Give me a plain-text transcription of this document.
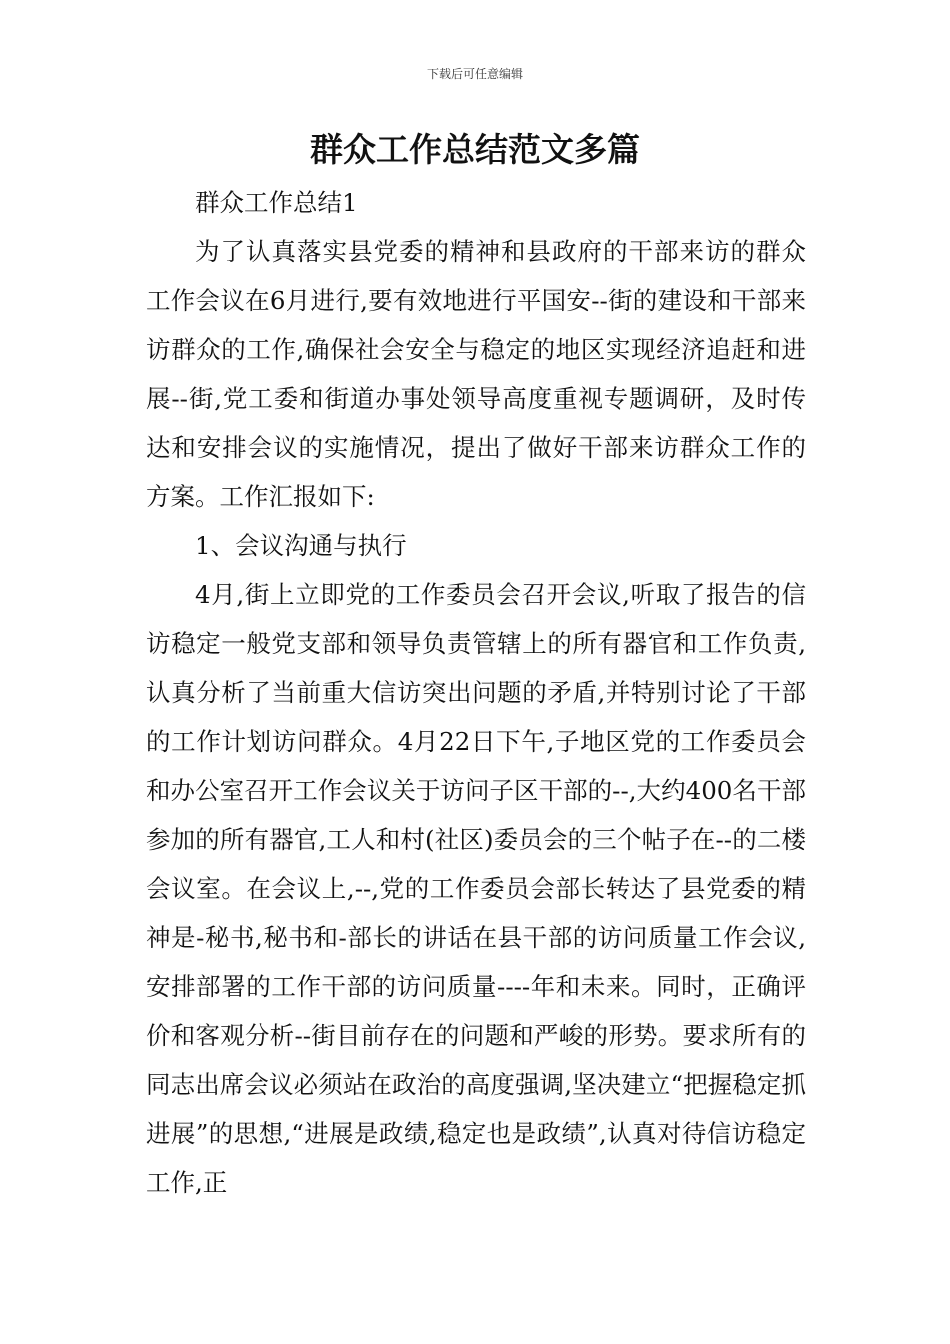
下载后可任意编辑
群众工作总结范文多篇

群众工作总结1

为了认真落实县党委的精神和县政府的干部来访的群众工作会议在6月进行,要有效地进行平国安--街的建设和干部来访群众的工作,确保社会安全与稳定的地区实现经济追赶和进展--街,党工委和街道办事处领导高度重视专题调研，及时传达和安排会议的实施情况，提出了做好干部来访群众工作的方案。工作汇报如下:

1、会议沟通与执行

4月,街上立即党的工作委员会召开会议,听取了报告的信访稳定一般党支部和领导负责管辖上的所有器官和工作负责,认真分析了当前重大信访突出问题的矛盾,并特别讨论了干部的工作计划访问群众。4月22日下午,子地区党的工作委员会和办公室召开工作会议关于访问子区干部的--,大约400名干部参加的所有器官,工人和村(社区)委员会的三个帖子在--的二楼会议室。在会议上,--,党的工作委员会部长转达了县党委的精神是-秘书,秘书和-部长的讲话在县干部的访问质量工作会议,安排部署的工作干部的访问质量----年和未来。同时，正确评价和客观分析--街目前存在的问题和严峻的形势。要求所有的同志出席会议必须站在政治的高度强调,坚决建立“把握稳定抓进展”的思想,“进展是政绩,稳定也是政绩”,认真对待信访稳定工作,正
